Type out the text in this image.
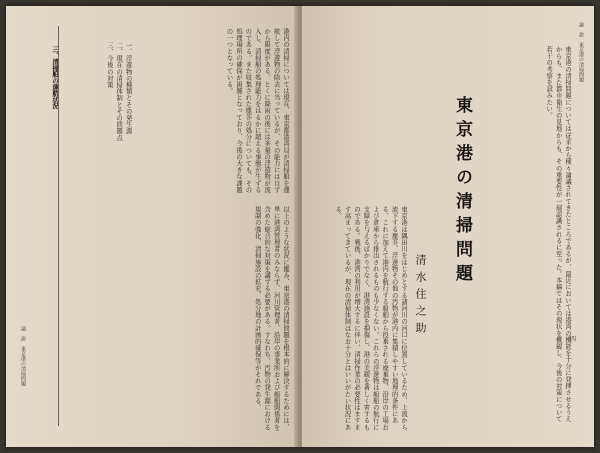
港内の清掃については現在、東京都港湾局が清掃船を運航して浮遊物の除去に当っているが、その能力には自ずから限度がある。とくに降雨の後には多量の浮遊物が流入し、清掃船の処理能力をはるかに超える事態が生ずるのである。また収集された塵芥の処分についても、その処理場所の確保が困難となっており、今後の大きな課題の一つとなっている。
以上のような状況に鑑み、東京港の清掃問題を根本的に解決するためには、単に港湾管理者のみならず、河川管理者、沿岸の事業所および船舶関係者を含めた総合的な対策を講ずる必要がある。すなわち、汚物の発生源における規制の強化、清掃施設の拡充、処分地の計画的確保等がそれである。

一、浮遊物の種類とその発生源
二、現在の清掃体制とその問題点
三、今後の対策

三、清掃船の運航状況
論　説　東京港の清掃問題
論　説　東京港の清掃問題
四
東京港の清掃問題については従来から種々論議されてきたところであるが、最近においては港湾の機能を十分に発揮させるうえからも、また都市衛生の見地からも、その重要性が一層認識されるに至った。本稿ではその現状を概観し、今後の対策について若干の考察を試みたい。
東京港の清掃問題
清水住之助
東京港は隅田川をはじめとする諸河川の河口に位置しているため、上流から流下する塵芥、浮遊物その他の汚物が港内に集積しやすい地理的条件にある。これに加えて港内を航行する船舶から投棄される廃棄物、沿岸の工場および倉庫から排出されるものも少なくない。これらの浮遊物は船舶の航行に支障を与えるばかりでなく、港湾施設を損傷し、港の美観を著しく害するものである。戦後、港湾の利用が増大するに伴い、清掃作業の必要性はますます高まってきているが、現在の清掃体制はなお十分とはいいがたい状況にある。
